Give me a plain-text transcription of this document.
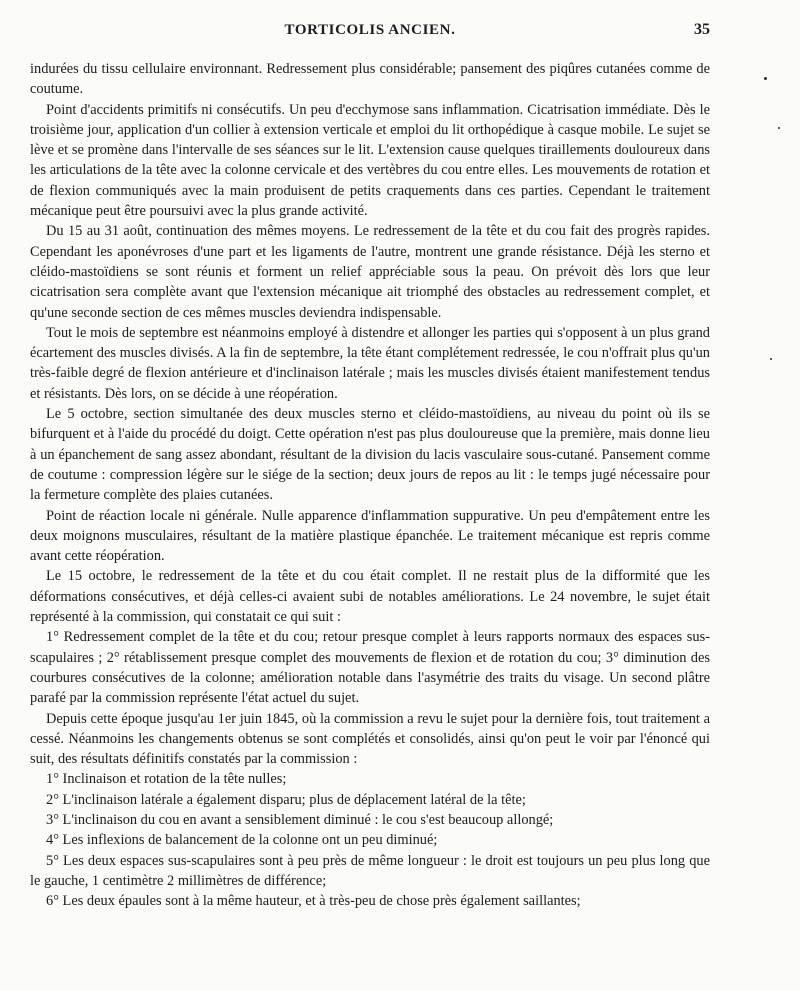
TORTICOLIS ANCIEN.	35

indurées du tissu cellulaire environnant. Redressement plus considérable; pansement des piqûres cutanées comme de coutume.

Point d'accidents primitifs ni consécutifs. Un peu d'ecchymose sans inflammation. Cicatrisation immédiate. Dès le troisième jour, application d'un collier à extension verticale et emploi du lit orthopédique à casque mobile. Le sujet se lève et se promène dans l'intervalle de ses séances sur le lit. L'extension cause quelques tiraillements douloureux dans les articulations de la tête avec la colonne cervicale et des vertèbres du cou entre elles. Les mouvements de rotation et de flexion communiqués avec la main produisent de petits craquements dans ces parties. Cependant le traitement mécanique peut être poursuivi avec la plus grande activité.

Du 15 au 31 août, continuation des mêmes moyens. Le redressement de la tête et du cou fait des progrès rapides. Cependant les aponévroses d'une part et les ligaments de l'autre, montrent une grande résistance. Déjà les sterno et cléido-mastoïdiens se sont réunis et forment un relief appréciable sous la peau. On prévoit dès lors que leur cicatrisation sera complète avant que l'extension mécanique ait triomphé des obstacles au redressement complet, et qu'une seconde section de ces mêmes muscles deviendra indispensable.

Tout le mois de septembre est néanmoins employé à distendre et allonger les parties qui s'opposent à un plus grand écartement des muscles divisés. A la fin de septembre, la tête étant complétement redressée, le cou n'offrait plus qu'un très-faible degré de flexion antérieure et d'inclinaison latérale ; mais les muscles divisés étaient manifestement tendus et résistants. Dès lors, on se décide à une réopération.

Le 5 octobre, section simultanée des deux muscles sterno et cléido-mastoïdiens, au niveau du point où ils se bifurquent et à l'aide du procédé du doigt. Cette opération n'est pas plus douloureuse que la première, mais donne lieu à un épanchement de sang assez abondant, résultant de la division du lacis vasculaire sous-cutané. Pansement comme de coutume : compression légère sur le siége de la section; deux jours de repos au lit : le temps jugé nécessaire pour la fermeture complète des plaies cutanées.

Point de réaction locale ni générale. Nulle apparence d'inflammation suppurative. Un peu d'empâtement entre les deux moignons musculaires, résultant de la matière plastique épanchée. Le traitement mécanique est repris comme avant cette réopération.

Le 15 octobre, le redressement de la tête et du cou était complet. Il ne restait plus de la difformité que les déformations consécutives, et déjà celles-ci avaient subi de notables améliorations. Le 24 novembre, le sujet était représenté à la commission, qui constatait ce qui suit :

1° Redressement complet de la tête et du cou; retour presque complet à leurs rapports normaux des espaces sus-scapulaires ; 2° rétablissement presque complet des mouvements de flexion et de rotation du cou; 3° diminution des courbures consécutives de la colonne; amélioration notable dans l'asymétrie des traits du visage. Un second plâtre parafé par la commission représente l'état actuel du sujet.

Depuis cette époque jusqu'au 1er juin 1845, où la commission a revu le sujet pour la dernière fois, tout traitement a cessé. Néanmoins les changements obtenus se sont complétés et consolidés, ainsi qu'on peut le voir par l'énoncé qui suit, des résultats définitifs constatés par la commission :

1° Inclinaison et rotation de la tête nulles;

2° L'inclinaison latérale a également disparu; plus de déplacement latéral de la tête;

3° L'inclinaison du cou en avant a sensiblement diminué : le cou s'est beaucoup allongé;

4° Les inflexions de balancement de la colonne ont un peu diminué;

5° Les deux espaces sus-scapulaires sont à peu près de même longueur : le droit est toujours un peu plus long que le gauche, 1 centimètre 2 millimètres de différence;

6° Les deux épaules sont à la même hauteur, et à très-peu de chose près également saillantes;
